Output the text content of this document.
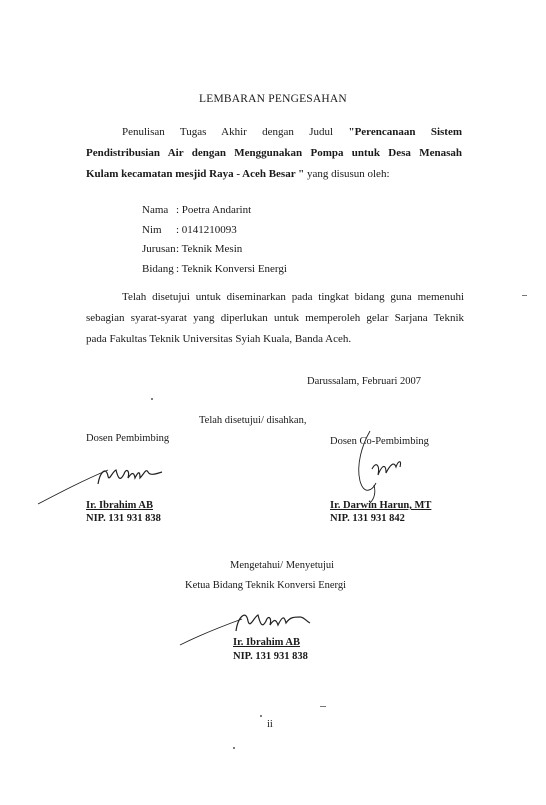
LEMBARAN PENGESAHAN
Penulisan Tugas Akhir dengan Judul "Perencanaan Sistem
Pendistribusian Air dengan Menggunakan Pompa untuk Desa Menasah
Kulam kecamatan mesjid Raya - Aceh Besar " yang disusun oleh:
Nama : Poetra Andarint
Nim	: 0141210093
Jurusan : Teknik Mesin
Bidang : Teknik Konversi Energi
Telah disetujui untuk diseminarkan pada tingkat bidang guna memenuhi
sebagian syarat-syarat yang diperlukan untuk memperoleh gelar Sarjana Teknik
pada Fakultas Teknik Universitas Syiah Kuala, Banda Aceh.
Darussalam, Februari 2007
Telah disetujui/ disahkan,
Dosen Pembimbing
Ir. Ibrahim AB
NIP. 131 931 838
Dosen Co-Pembimbing
Ir. Darwin Harun, MT
NIP. 131 931 842
Mengetahui/ Menyetujui
Ketua Bidang Teknik Konversi Energi
Ir. Ibrahim AB
NIP. 131 931 838
ii
